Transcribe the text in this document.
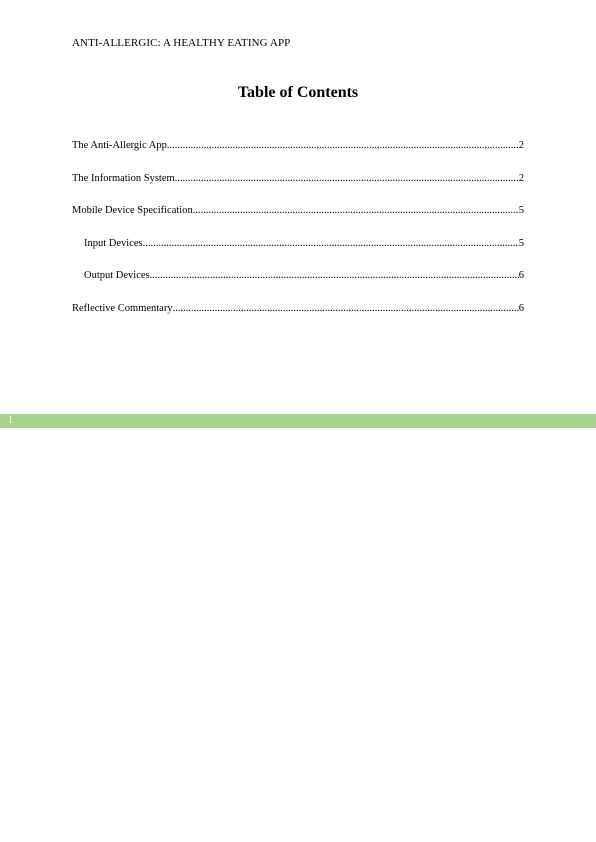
ANTI-ALLERGIC: A HEALTHY EATING APP
Table of Contents
The Anti-Allergic App .....	2
The Information System .....	2
Mobile Device Specification .....	5
Input Devices .....	5
Output Devices .....	6
Reflective Commentary .....	6
1
